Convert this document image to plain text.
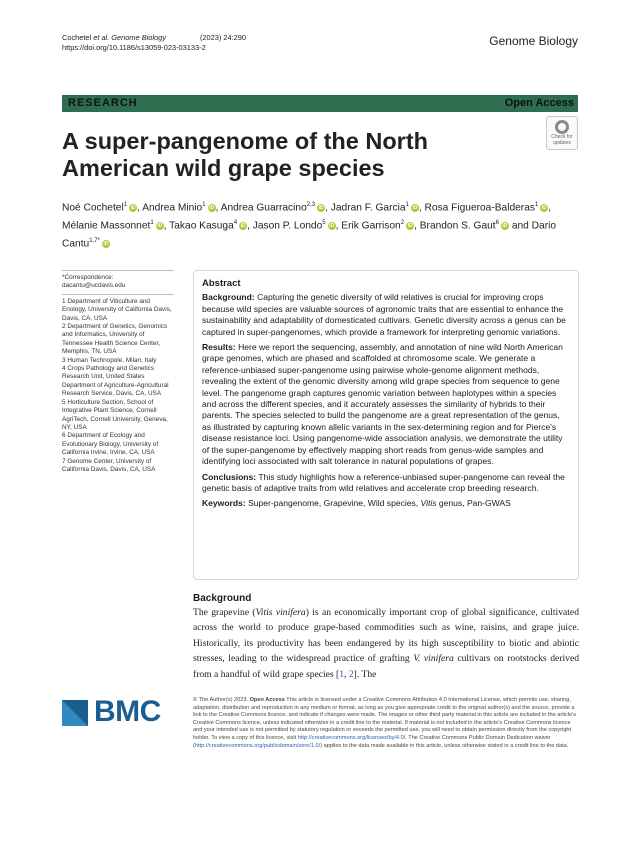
Cochetel et al. Genome Biology	(2023) 24:290
https://doi.org/10.1186/s13059-023-03133-2	Genome Biology
RESEARCH	Open Access
A super-pangenome of the North American wild grape species
Check for
updates
Noé Cochetel$^1$ iD , Andrea Minio$^1$ iD , Andrea Guarracino$^{2,3}$ iD , Jadran F. Garcia$^1$ iD , Rosa Figueroa-Balderas$^1$ iD , Mélanie Massonnet$^1$ iD , Takao Kasuga$^4$ iD , Jason P. Londo$^5$ iD , Erik Garrison$^2$ iD , Brandon S. Gaut$^6$ iD and Dario Cantu$^{1,7*}$ iD
*Correspondence:
dacantu@ucdavis.edu
1 Department of Viticulture and Enology, University of California Davis, Davis, CA, USA
2 Department of Genetics, Genomics and Informatics, University of Tennessee Health Science Center, Memphis, TN, USA
3 Human Technopole, Milan, Italy
4 Crops Pathology and Genetics Research Unit, United States Department of Agriculture-Agricultural Research Service, Davis, CA, USA
5 Horticulture Section, School of Integrative Plant Science, Cornell AgriTech, Cornell University, Geneva, NY, USA
6 Department of Ecology and Evolutionary Biology, University of California Irvine, Irvine, CA, USA
7 Genome Center, University of California Davis, Davis, CA, USA
Abstract

Background: Capturing the genetic diversity of wild relatives is crucial for improving crops because wild species are valuable sources of agronomic traits that are essential to enhance the sustainability and adaptability of domesticated cultivars. Genetic diversity across a genus can be captured in super-pangenomes, which provide a framework for interpreting genomic variations.

Results: Here we report the sequencing, assembly, and annotation of nine wild North American grape genomes, which are phased and scaffolded at chromosome scale. We generate a reference-unbiased super-pangenome using pairwise whole-genome alignment methods, revealing the extent of the genomic diversity among wild grape species from sequence to gene level. The pangenome graph captures genomic variation between haplotypes within a species and across the different species, and it accurately assesses the similarity of hybrids to their parents. The species selected to build the pangenome are a great representation of the genus, as illustrated by capturing known allelic variants in the sex-determining region and for Pierce's disease resistance loci. Using pangenome-wide association analysis, we demonstrate the utility of the super-pangenome by effectively mapping short reads from genus-wide samples and identifying loci associated with salt tolerance in natural populations of grapes.

Conclusions: This study highlights how a reference-unbiased super-pangenome can reveal the genetic basis of adaptive traits from wild relatives and accelerate crop breeding research.

Keywords: Super-pangenome, Grapevine, Wild species, Vitis genus, Pan-GWAS

Background
The grapevine (Vitis vinifera) is an economically important crop of global significance, cultivated across the world to produce grape-based commodities such as wine, raisins, and grape juice. Historically, its productivity has been endangered by its high susceptibility to biotic and abiotic stresses, leading to the widespread practice of grafting V. vinifera cultivars on rootstocks derived from a handful of wild grape species [1, 2]. The
BMC	© The Author(s) 2023. Open Access This article is licensed under a Creative Commons Attribution 4.0 International License, which permits use, sharing, adaptation, distribution and reproduction in any medium or format, as long as you give appropriate credit to the original author(s) and the source, provide a link to the Creative Commons licence, and indicate if changes were made. The images or other third party material in this article are included in the article's Creative Commons licence, unless indicated otherwise in a credit line to the material. If material is not included in the article's Creative Commons licence and your intended use is not permitted by statutory regulation or exceeds the permitted use, you will need to obtain permission directly from the copyright holder. To view a copy of this licence, visit http://creativecommons.org/licenses/by/4.0/. The Creative Commons Public Domain Dedication waiver (http://creativecommons.org/publicdomain/zero/1.0/) applies to the data made available in this article, unless otherwise stated in a credit line to the data.
